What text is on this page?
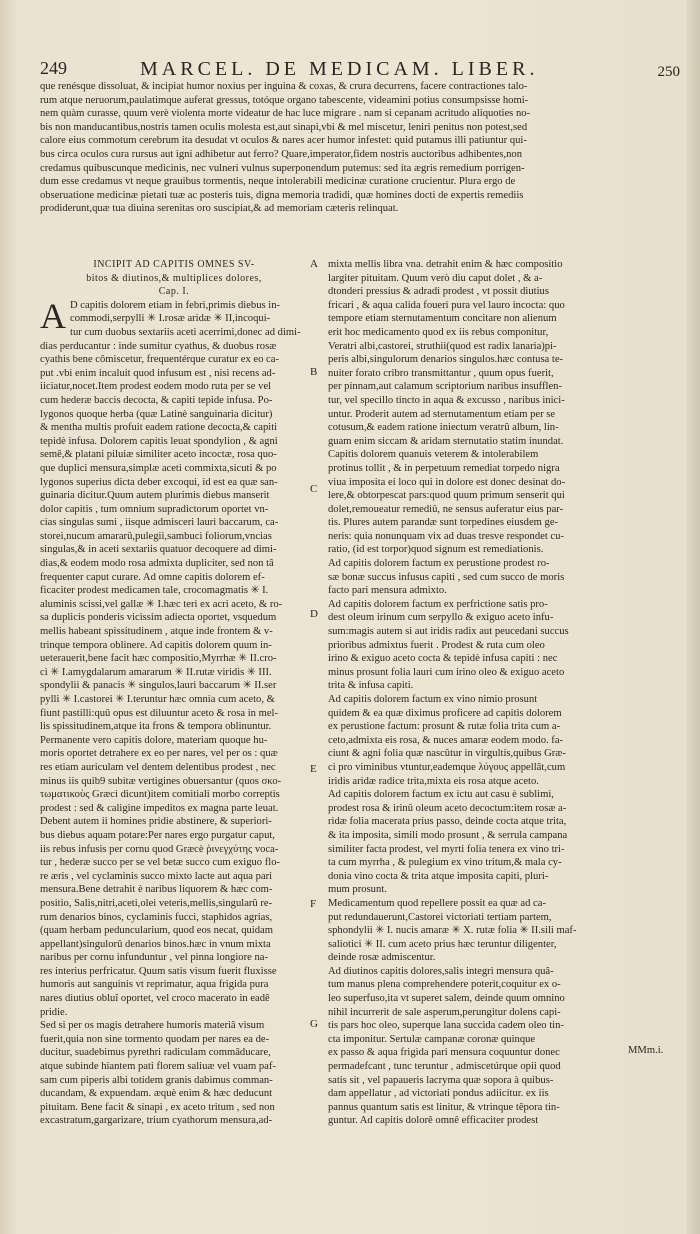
249	MARCEL. DE MEDICAM. LIBER.	250
que renésque dissoluat, & incipiat humor noxius per inguina & coxas, & crura decurrens, facere contractiones talo-
rum atque neruorum,paulatimque auferat gressus, totóque organo tabescente, videamini potius consumpsisse homi-
nem quàm curasse, quum verè violenta morte videatur de hac luce migrare . nam si cepanam acritudo aliquoties no-
bis non manducantibus,nostris tamen oculis molesta est,aut sinapi,vbi & mel miscetur, leniri penitus non potest,sed
calore eius commotum cerebrum ita desudat vt oculos & nares acer humor infestet: quid putamus illi patiuntur qui-
bus circa oculos cura rursus aut igni adhibetur aut ferro? Quare,imperator,fidem nostris auctoribus adhibentes,non
credamus quibuscunque medicinis, nec vulneri vulnus superponendum putemus: sed ita ægris remedium porrigen-
dum esse credamus vt neque grauibus tormentis, neque intolerabili medicinæ curatione crucientur. Plura ergo de
obseruatione medicinæ pietati tuæ ac posteris tuis, digna memoria tradidi, quæ homines docti de expertis remediis
prodiderunt,quæ tua diuina serenitas oro suscipiat,& ad memoriam cæteris relinquat.
INCIPIT AD CAPITIS OMNES SV-
bitos & diutinos,& multiplices dolores,
Cap. I.
A D capitis dolorem etiam in febri,primis diebus in-
commodi,serpylli ✳ I.rosæ aridæ ✳ II,incoqui-
tur cum duobus sextariis aceti acerrimi,donec ad dimi-
dias perducantur : inde sumitur cyathus, & duobus rosæ
cyathis bene cômiscetur, frequentérque curatur ex eo ca-
put .vbi enim incaluit quod infusum est , nisi recens ad-
iiciatur,nocet.Item prodest eodem modo ruta per se vel
cum hederæ baccis decocta, & capiti tepide infusa. Po-
lygonos quoque herba (quæ Latinè sanguinaria dicitur)
& mentha multis profuit eadem ratione decocta,& capiti
tepidè infusa. Dolorem capitis leuat spondylion , & agni
semê,& platani piluiæ similiter aceto incoctæ, rosa quo-
que duplici mensura,simplæ aceti commixta,sicuti & po
lygonos superius dicta deber excoqui, id est ea quæ san-
guinaria dicitur.Quum autem plurimis diebus manserit
dolor capitis , tum omnium supradictorum oportet vn-
cias singulas sumi , iisque admisceri lauri baccarum, ca-
storei,nucum amararû,pulegii,sambuci foliorum,vncias
singulas,& in aceti sextariis quatuor decoquere ad dimi-
dias,& eodem modo rosa admixta dupliciter, sed non tâ
frequenter caput curare. Ad omne capitis dolorem ef-
ficaciter prodest medicamen tale, crocomagmatis ✳ I.
aluminis scissi,vel gallæ ✳ I.hæc teri ex acri aceto, & ro-
sa duplicis ponderis vicissim adiecta oportet, vsquedum
mellis habeant spissitudinem , atque inde frontem & v-
trinque tempora oblinere. Ad capitis dolorem quum in-
ueterauerit,bene facit hæc compositio,Myrrhæ ✳ II.cro-
ci ✳ I.amygdalarum amararum ✳ II.rutæ viridis ✳ III.
spondylii & panacis ✳ singulos,lauri baccarum ✳ II.ser
pylli ✳ I.castorei ✳ I.teruntur hæc omnia cum aceto, &
fiunt pastilli:quû opus est diluuntur aceto & rosa in mel-
lis spissitudinem,atque ita frons & tempora oblinuntur.
Permanente vero capitis dolore, materiam quoque hu-
moris oportet detrahere ex eo per nares, vel per os : quæ
res etiam auriculam vel dentem delentibus prodest , nec
minus iis quib9 subitæ vertigines obuersantur (quos σκο-
τωματικοὺς Græci dicunt)item comitiali morbo correptis
prodest : sed & caligine impeditos ex magna parte leuat.
Debent autem ii homines pridie abstinere, & superiori-
bus diebus aquam potare:Per nares ergo purgatur caput,
iis rebus infusis per cornu quod Græcè ῥινεγχύτης voca-
tur , hederæ succo per se vel betæ succo cum exiguo flo-
re æris , vel cyclaminis succo mixto lacte aut aqua pari
mensura.Bene detrahit è naribus liquorem & hæc com-
positio, Salis,nitri,aceti,olei veteris,mellis,singularû re-
rum denarios binos, cyclaminis fucci, staphidos agrias,
(quam herbam peduncularium, quod eos necat, quidam
appellant)singulorû denarios binos.hæc in vnum mixta
naribus per cornu infunduntur , vel pinna longiore na-
res interius perfricatur. Quum satis visum fuerit fluxisse
humoris aut sanguinis vt reprimatur, aqua frigida pura
nares diutius obluî oportet, vel croco macerato in eadê
pridie.
Sed si per os magis detrahere humoris materiâ visum
fuerit,quia non sine tormento quodam per nares ea de-
ducitur, suadebimus pyrethri radiculam commâducare,
atque subinde hiantem pati florem saliuæ vel vuam paf-
sam cum piperis albi totidem granis dabimus comman-
ducandam, & expuendam. æquè enim & hæc deducunt
pituitam. Bene facit & sinapi , ex aceto tritum , sed non
excastratum,gargarizare, trium cyathorum mensura,ad-
A
B
C
D
E
F
G
mixta mellis libra vna. detrahit enim & hæc compositio
largiter pituitam. Quum verò diu caput dolet , & a-
dtonderi pressius & adradi prodest , vt possit diutius
fricari , & aqua calida foueri pura vel lauro incocta: quo
tempore etiam sternutamentum concitare non alienum
erit hoc medicamento quod ex iis rebus componitur,
Veratri albi,castorei, struthii(quod est radix lanaria)pi-
peris albi,singulorum denarios singulos.hæc contusa te-
nuiter forato cribro transmittantur , quum opus fuerit,
per pinnam,aut calamum scriptorium naribus insufflen-
tur, vel specillo tincto in aqua & excusso , naribus inici-
untur. Proderit autem ad sternutamentum etiam per se
cotusum,& eadem ratione iniectum veratrû album, lin-
guam enim siccam & aridam sternutatio statim inundat.
Capitis dolorem quanuis veterem & intolerabilem
protinus tollit , & in perpetuum remediat torpedo nigra
viua imposita ei loco qui in dolore est donec desinat do-
lere,& obtorpescat pars:quod quum primum senserit qui
dolet,remoueatur remediû, ne sensus auferatur eius par-
tis. Plures autem parandæ sunt torpedines eiusdem ge-
neris: quia nonunquam vix ad duas tresve respondet cu-
ratio, (id est torpor)quod signum est remediationis.
Ad capitis dolorem factum ex perustione prodest ro-
sæ bonæ succus infusus capiti , sed cum succo de moris
facto pari mensura admixto.
Ad capitis dolorem factum ex perfrictione satis pro-
dest oleum irinum cum serpyllo & exiguo aceto infu-
sum:magis autem si aut iridis radix aut peucedani succus
prioribus admixtus fuerit . Prodest & ruta cum oleo
irino & exiguo aceto cocta & tepidè infusa capiti : nec
minus prosunt folia lauri cum irino oleo & exiguo aceto
trita & infusa capiti.
Ad capitis dolorem factum ex vino nimio prosunt
quidem & ea quæ diximus proficere ad capitis dolorem
ex perustione factum: prosunt & rutæ folia trita cum a-
ceto,admixta eis rosa, & nuces amaræ eodem modo. fa-
ciunt & agni folia quæ nascûtur in virgultis,quibus Græ-
ci pro viminibus vtuntur,eademque λύγους appellât,cum
iridis aridæ radice trita,mixta eis rosa atque aceto.
Ad capitis dolorem factum ex ictu aut casu è sublimi,
prodest rosa & irinû oleum aceto decoctum:item rosæ a-
ridæ folia macerata prius passo, deinde cocta atque trita,
& ita imposita, simili modo prosunt , & serrula campana
similiter facta prodest, vel myrti folia tenera ex vino tri-
ta cum myrrha , & pulegium ex vino tritum,& mala cy-
donia vino cocta & trita atque imposita capiti, pluri-
mum prosunt.
Medicamentum quod repellere possit ea quæ ad ca-
put redundauerunt,Castorei victoriati tertiam partem,
sphondylii ✳ I. nucis amaræ ✳ X. rutæ folia ✳ II.sili maf-
saliotici ✳ II. cum aceto prius hæc teruntur diligenter,
deinde rosæ admiscentur.
Ad diutinos capitis dolores,salis integri mensura quâ-
tum manus plena comprehendere poterit,coquitur ex o-
leo superfuso,ita vt superet salem, deinde quum omnino
nihil incurrerit de sale asperum,perungitur dolens capi-
tis pars hoc oleo, superque lana succida cadem oleo tin-
cta imponitur. Sertulæ campanæ coronæ quinque
ex passo & aqua frigida pari mensura coquuntur donec
permadefcant , tunc teruntur , admiscetúrque opii quod
satis sit , vel papaueris lacryma quæ sopora à quibus-
dam appellatur , ad victoriati pondus adiicitur. ex iis
pannus quantum satis est linitur, & vtrinque têpora tin-
guntur. Ad capitis dolorê omnê efficaciter prodest
MMm.i.
